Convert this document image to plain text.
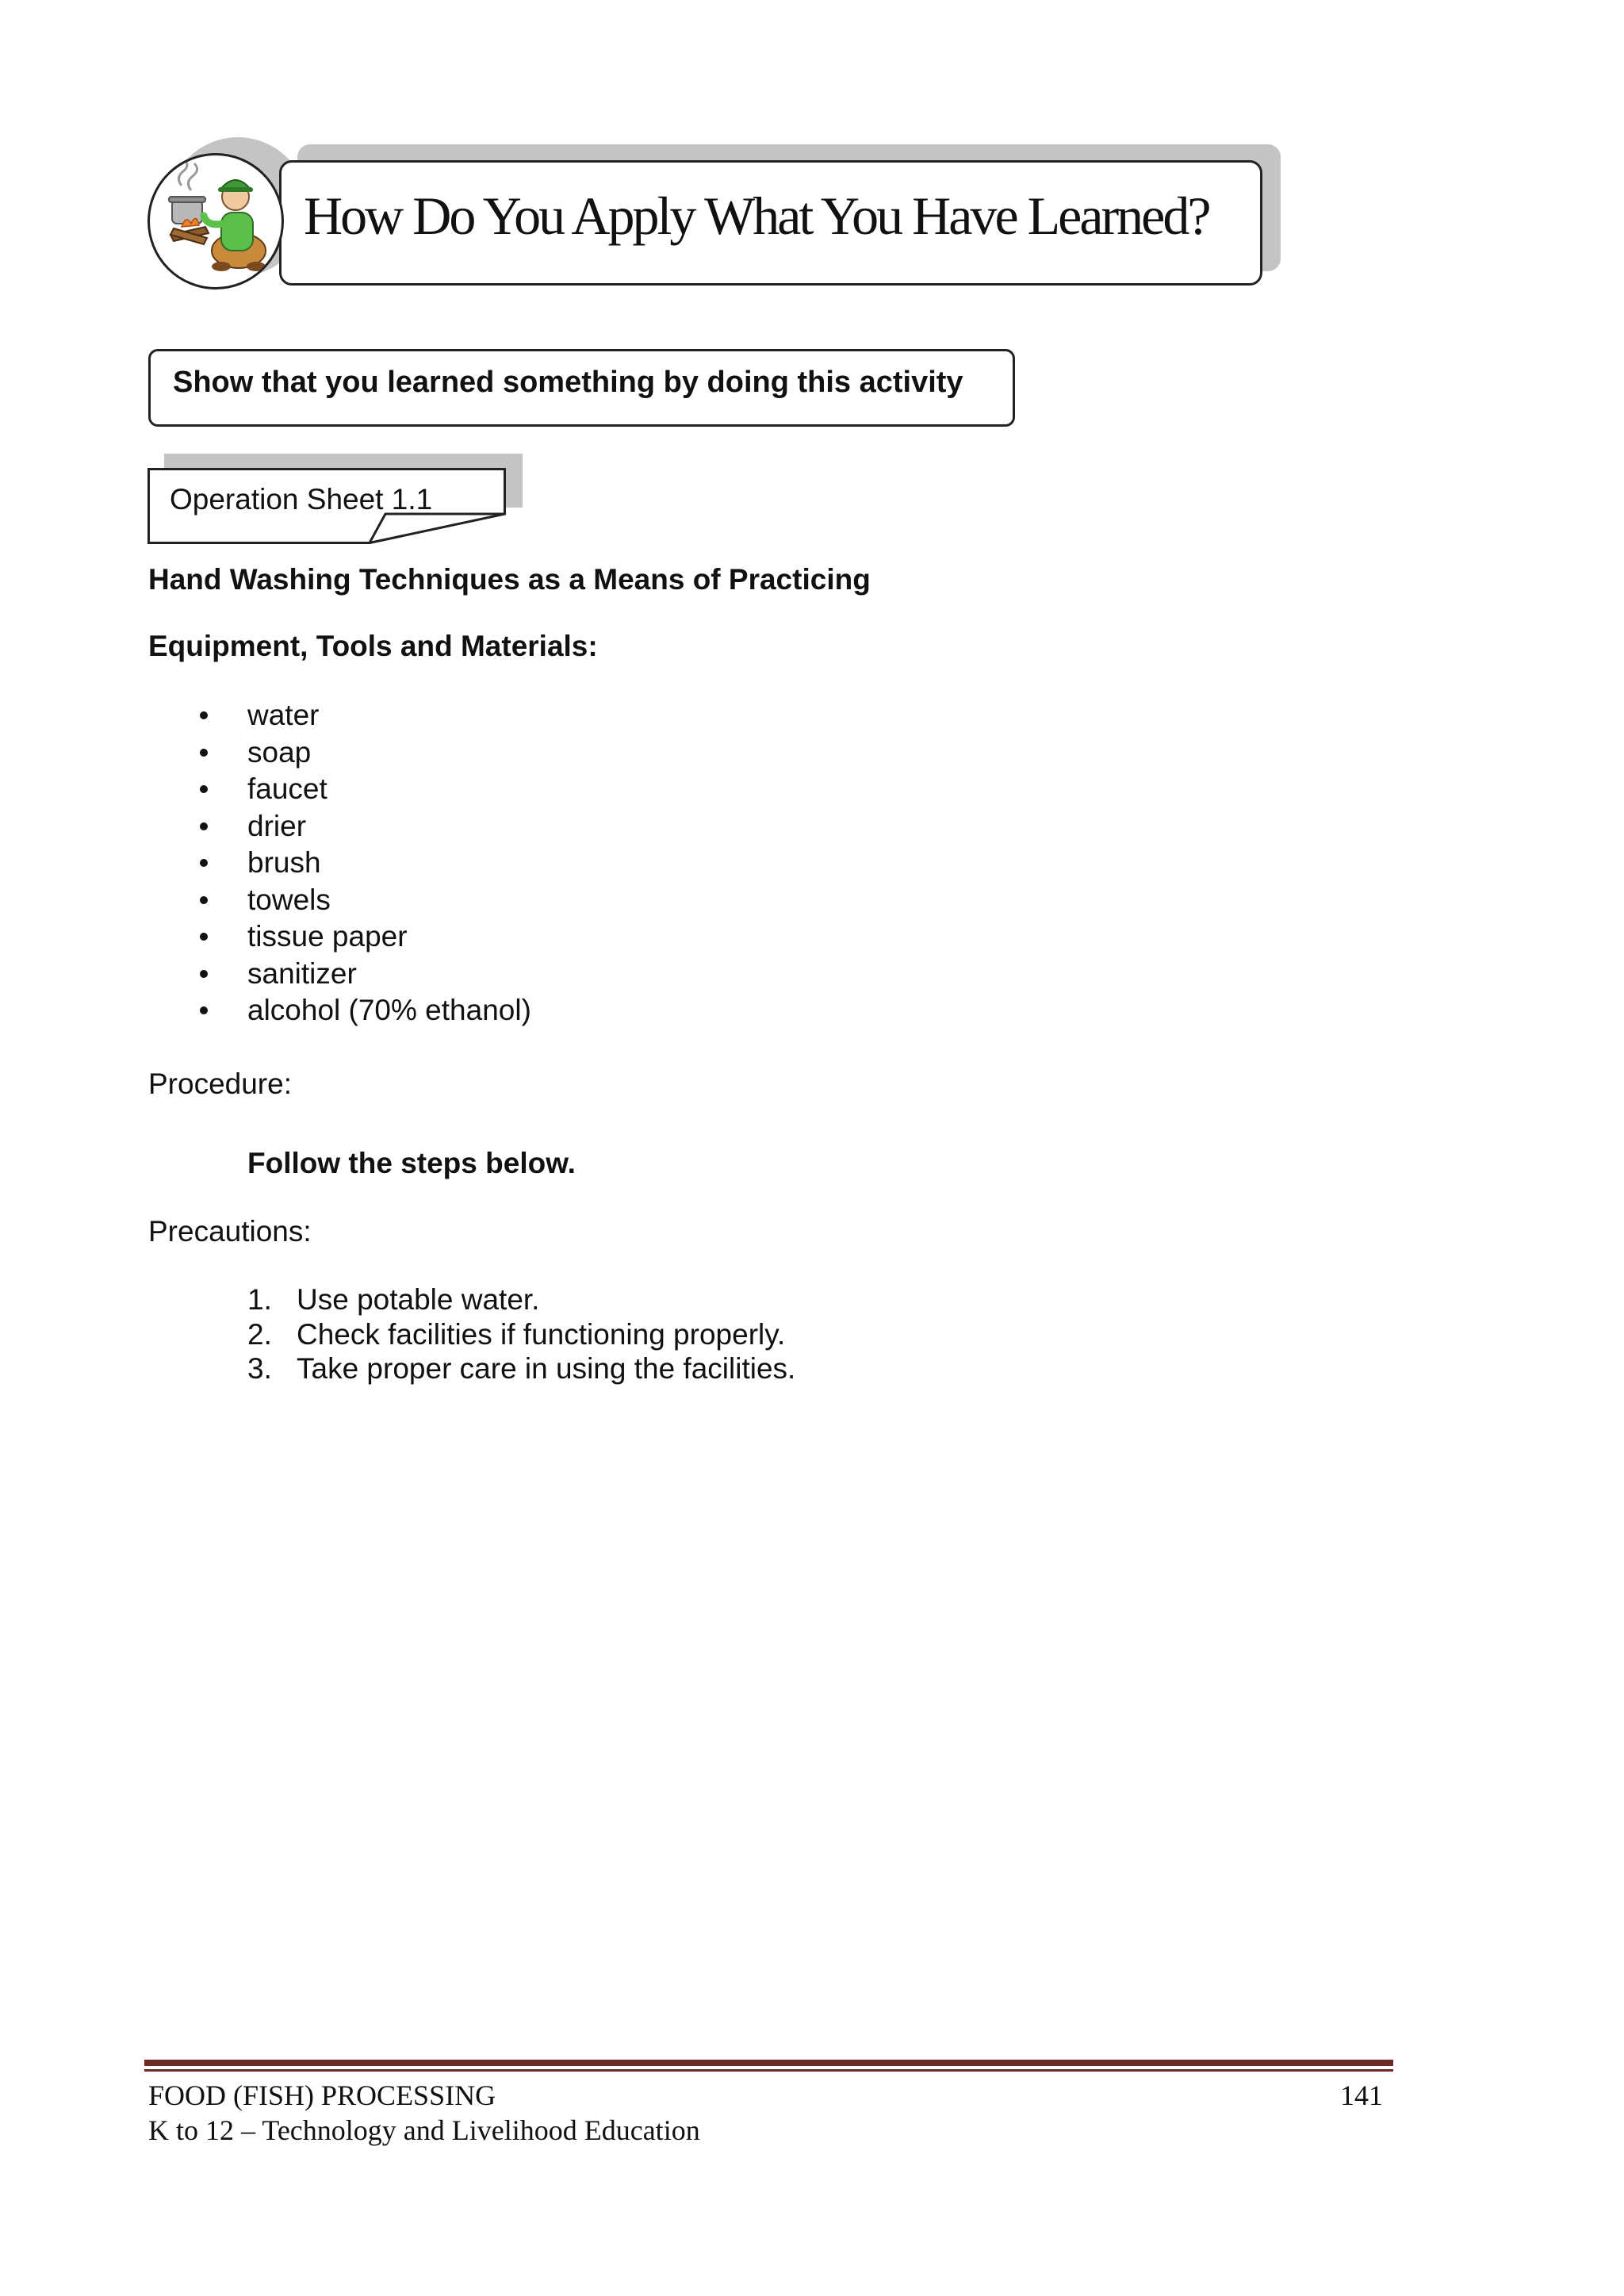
How Do You Apply What You Have Learned?
Show that you learned something by doing this activity
Operation Sheet 1.1
Hand Washing Techniques as a Means of Practicing
Equipment, Tools and Materials:
water
soap
faucet
drier
brush
towels
tissue paper
sanitizer
alcohol (70% ethanol)
Procedure:
Follow the steps below.
Precautions:
1. Use potable water.
2. Check facilities if functioning properly.
3. Take proper care in using the facilities.
FOOD (FISH) PROCESSING
K to 12 – Technology and Livelihood Education
141
